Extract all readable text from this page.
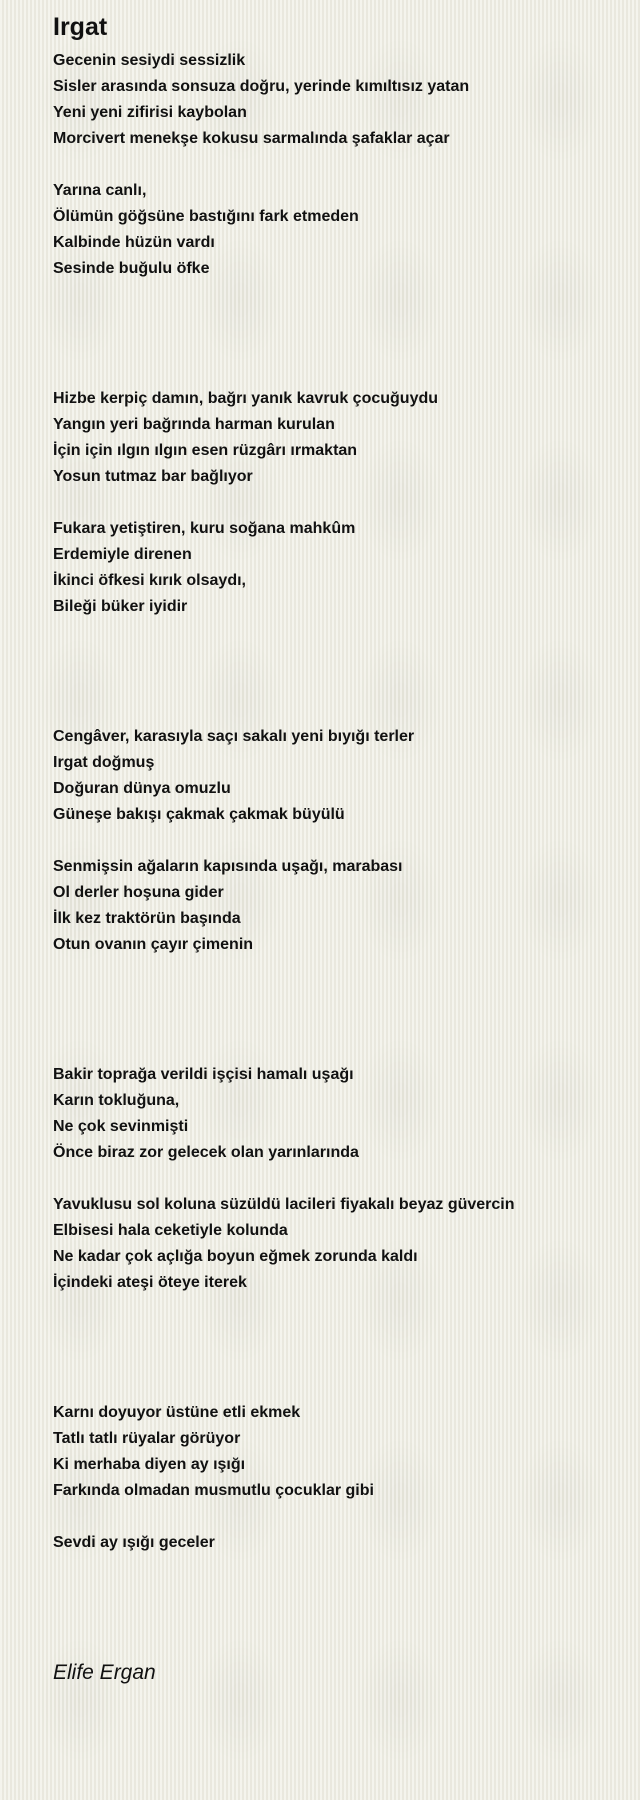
Irgat
Gecenin sesiydi sessizlik
Sisler arasında sonsuza doğru, yerinde kımıltısız yatan
Yeni yeni zifirisi kaybolan
Morcivert menekşe kokusu sarmalında şafaklar açar
Yarına canlı,
Ölümün göğsüne bastığını fark etmeden
Kalbinde hüzün vardı
Sesinde buğulu öfke
Hizbe kerpiç damın, bağrı yanık kavruk çocuğuydu
Yangın yeri bağrında harman kurulan
İçin için ılgın ılgın esen rüzgârı ırmaktan
Yosun tutmaz bar bağlıyor
Fukara yetiştiren, kuru soğana mahkûm
Erdemiyle direnen
İkinci öfkesi kırık olsaydı,
Bileği büker iyidir
Cengâver, karasıyla saçı sakalı yeni bıyığı terler
Irgat doğmuş
Doğuran dünya omuzlu
Güneşe bakışı çakmak çakmak büyülü
Senmişsin ağaların kapısında uşağı, marabası
Ol derler hoşuna gider
İlk kez traktörün başında
Otun ovanın çayır çimenin
Bakir toprağa verildi işçisi hamalı uşağı
Karın tokluğuna,
Ne çok sevinmişti
Önce biraz zor gelecek olan yarınlarında
Yavuklusu sol koluna süzüldü lacileri fiyakalı beyaz güvercin
Elbisesi hala ceketiyle kolunda
Ne kadar çok açlığa boyun eğmek zorunda kaldı
İçindeki ateşi öteye iterek
Karnı doyuyor üstüne etli ekmek
Tatlı tatlı rüyalar görüyor
Ki merhaba diyen ay ışığı
Farkında olmadan musmutlu çocuklar gibi
Sevdi ay ışığı geceler
Elife Ergan
